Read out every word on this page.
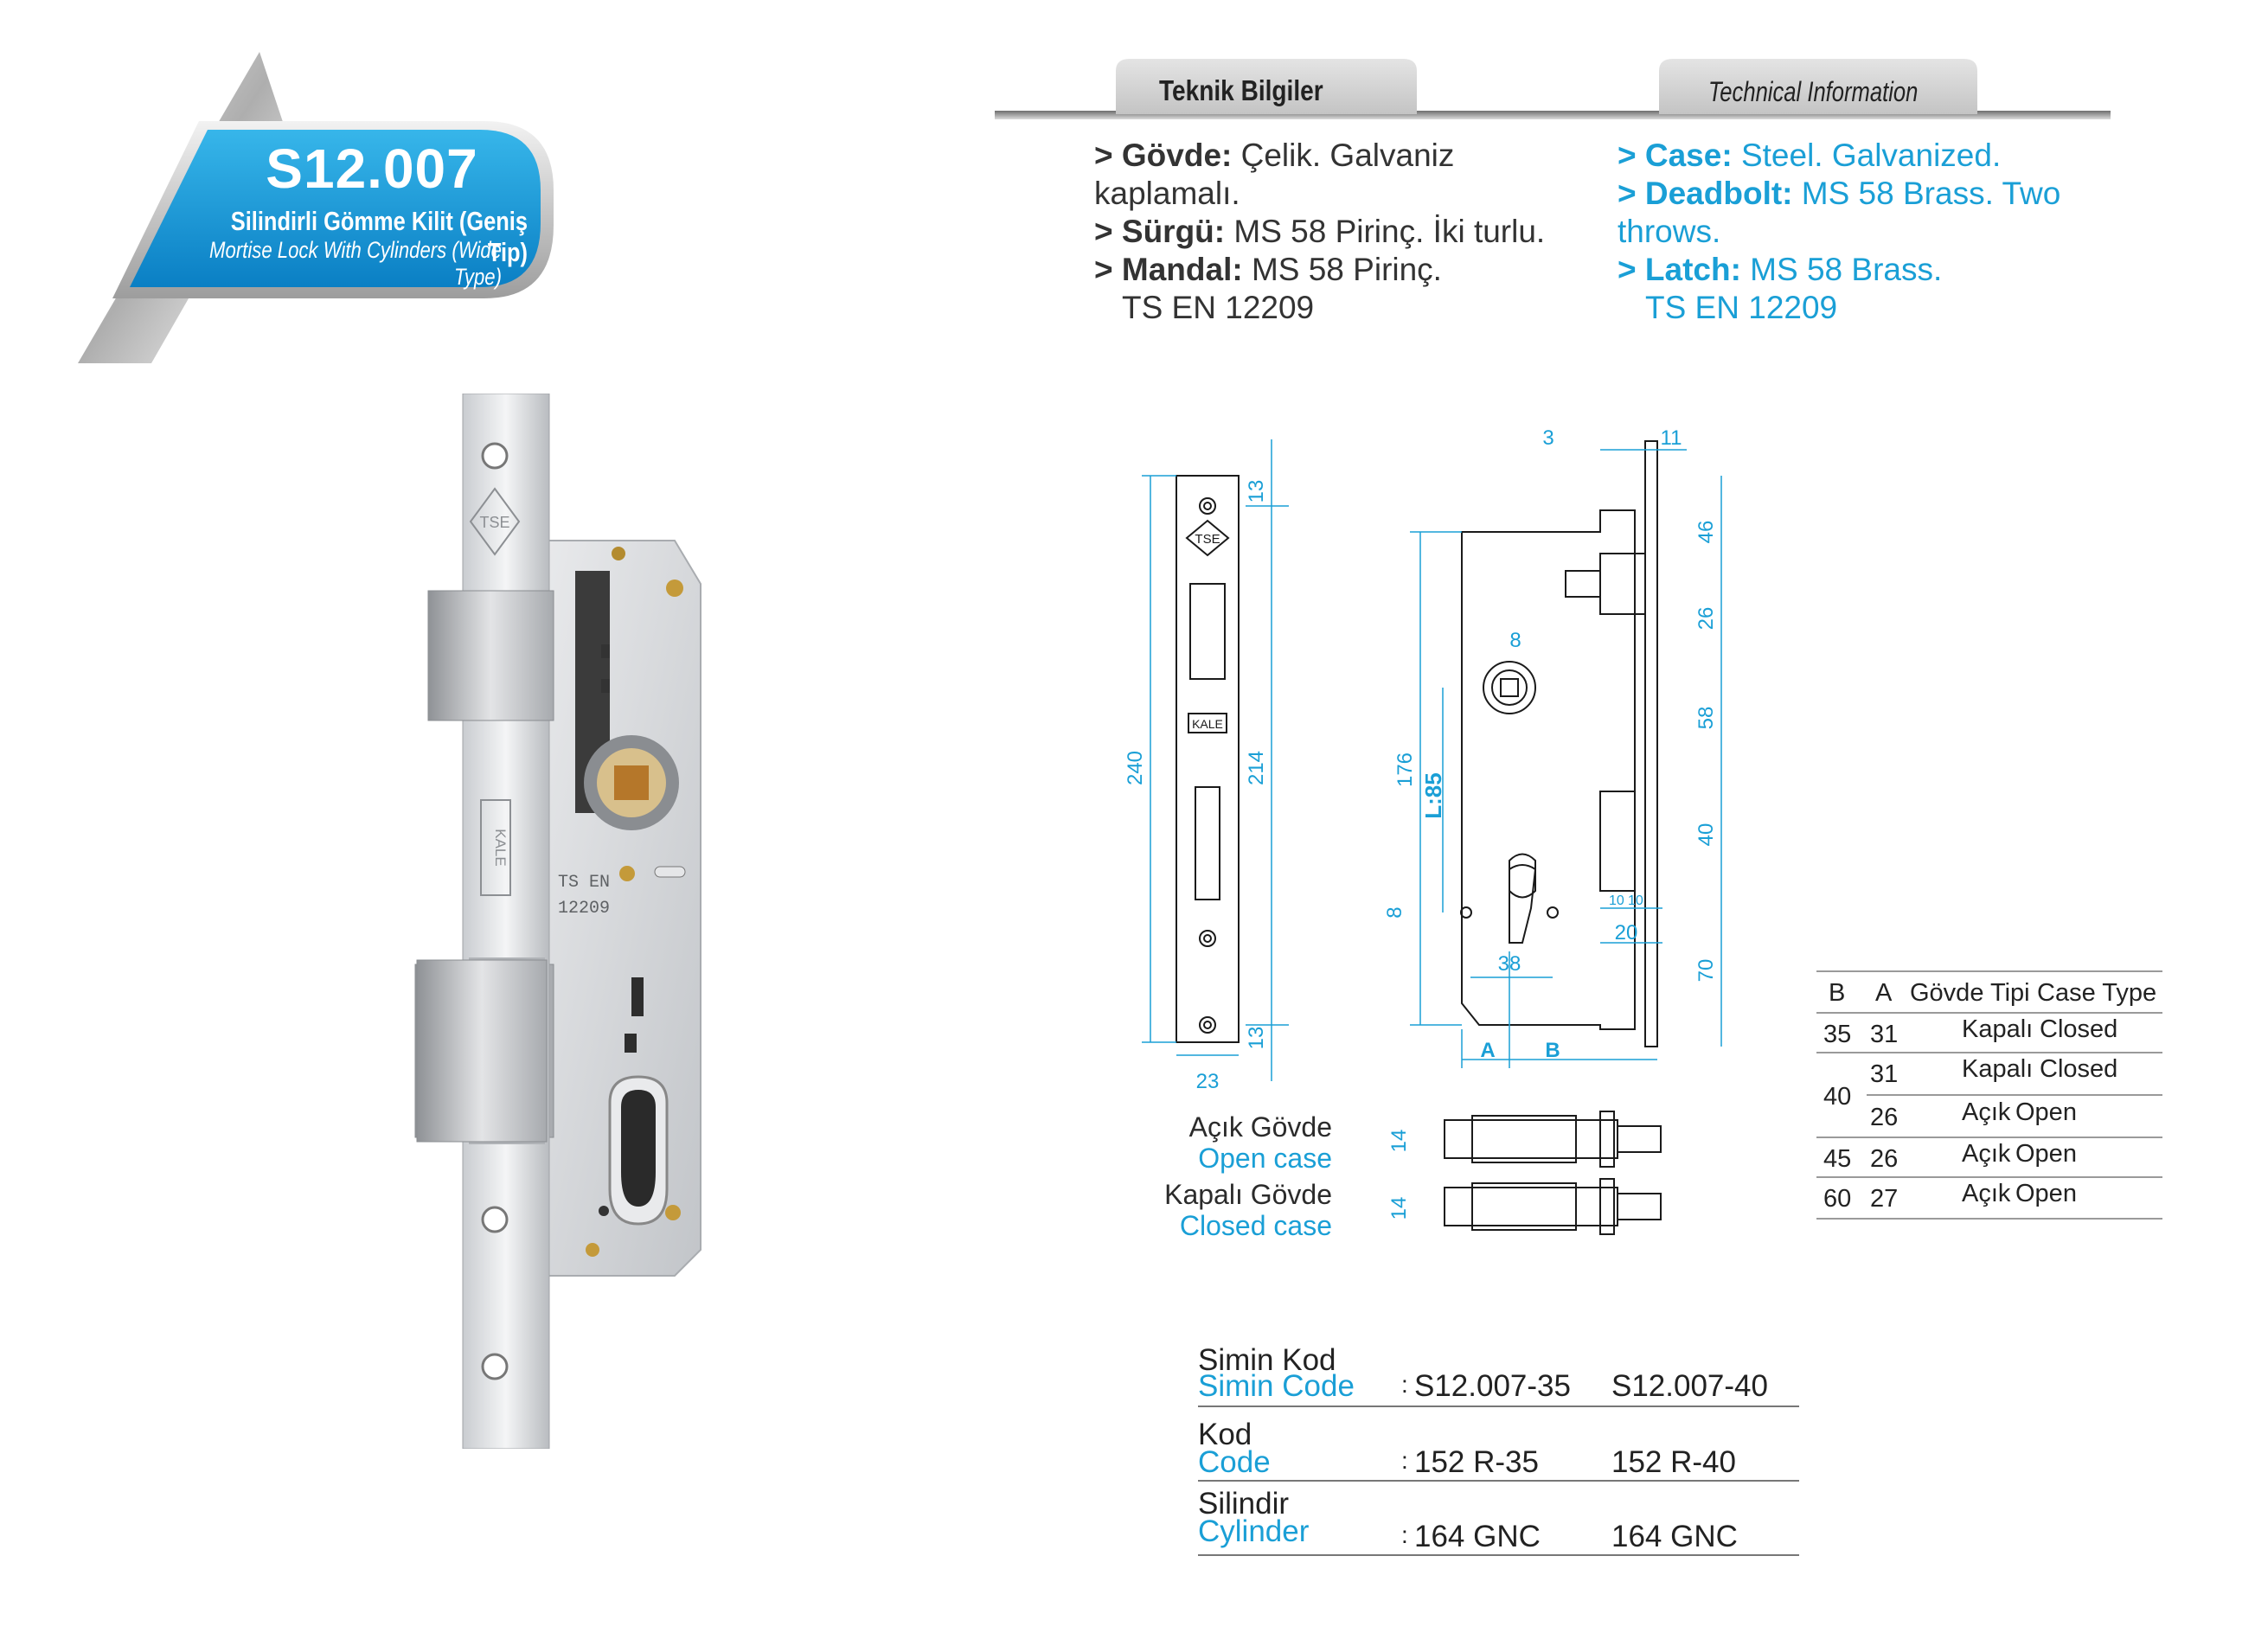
S12.007
Silindirli Gömme Kilit (Geniş Tip)
Mortise Lock With Cylinders (Wide Type)
Teknik Bilgiler	Technical Information
> Gövde: Çelik. Galvaniz kaplamalı.
> Sürgü: MS 58 Pirinç. İki turlu.
> Mandal: MS 58 Pirinç.
TS EN 12209
> Case: Steel. Galvanized.
> Deadbolt: MS 58 Brass. Two throws.
> Latch: MS 58 Brass.
TS EN 12209
TSE
KALE
TS EN
12209
TSE
KALE
240	214
13
13
23
176
L:85
8
38
8
3	11
46
26
58
40
70
10 10
20
A B
14
14
Açık Gövde
Open case
Kapalı Gövde
Closed case
B A Gövde Tipi Case Type
35 31	Kapalı Closed
40
31	Kapalı Closed
26	Açık Open
45 26	Açık Open
60 27	Açık Open
Simin Kod
Simin Code : S12.007-35 S12.007-40
Kod
Code	: 152 R-35 152 R-40
Silindir
Cylinder	: 164 GNC 164 GNC
